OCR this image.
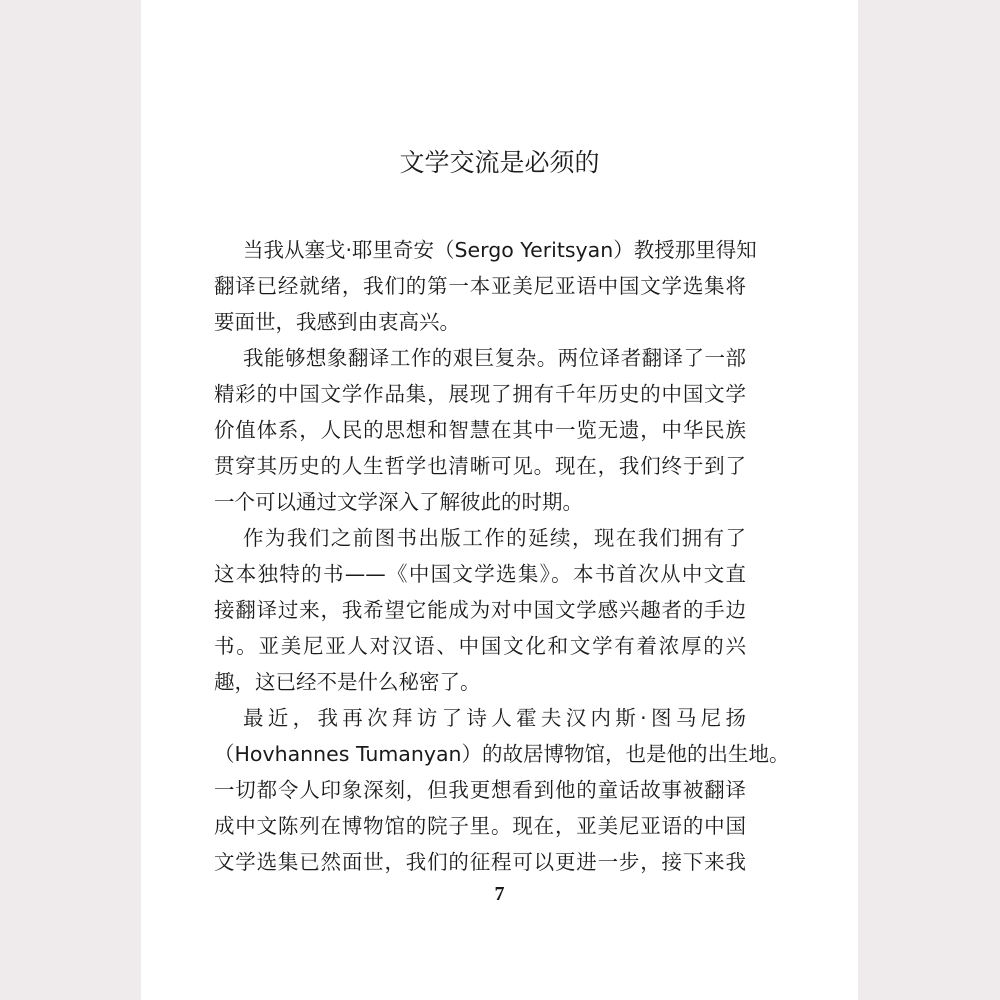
文学交流是必须的
当我从塞戈·耶里奇安（Sergo Yeritsyan）教授那里得知
翻译已经就绪，我们的第一本亚美尼亚语中国文学选集将
要面世，我感到由衷高兴。
我能够想象翻译工作的艰巨复杂。两位译者翻译了一部
精彩的中国文学作品集，展现了拥有千年历史的中国文学
价值体系，人民的思想和智慧在其中一览无遗，中华民族
贯穿其历史的人生哲学也清晰可见。现在，我们终于到了
一个可以通过文学深入了解彼此的时期。
作为我们之前图书出版工作的延续，现在我们拥有了
这本独特的书——《中国文学选集》。本书首次从中文直
接翻译过来，我希望它能成为对中国文学感兴趣者的手边
书。亚美尼亚人对汉语、中国文化和文学有着浓厚的兴
趣，这已经不是什么秘密了。
最近，我再次拜访了诗人霍夫汉内斯·图马尼扬
（Hovhannes Tumanyan）的故居博物馆，也是他的出生地。
一切都令人印象深刻，但我更想看到他的童话故事被翻译
成中文陈列在博物馆的院子里。现在，亚美尼亚语的中国
文学选集已然面世，我们的征程可以更进一步，接下来我
7
